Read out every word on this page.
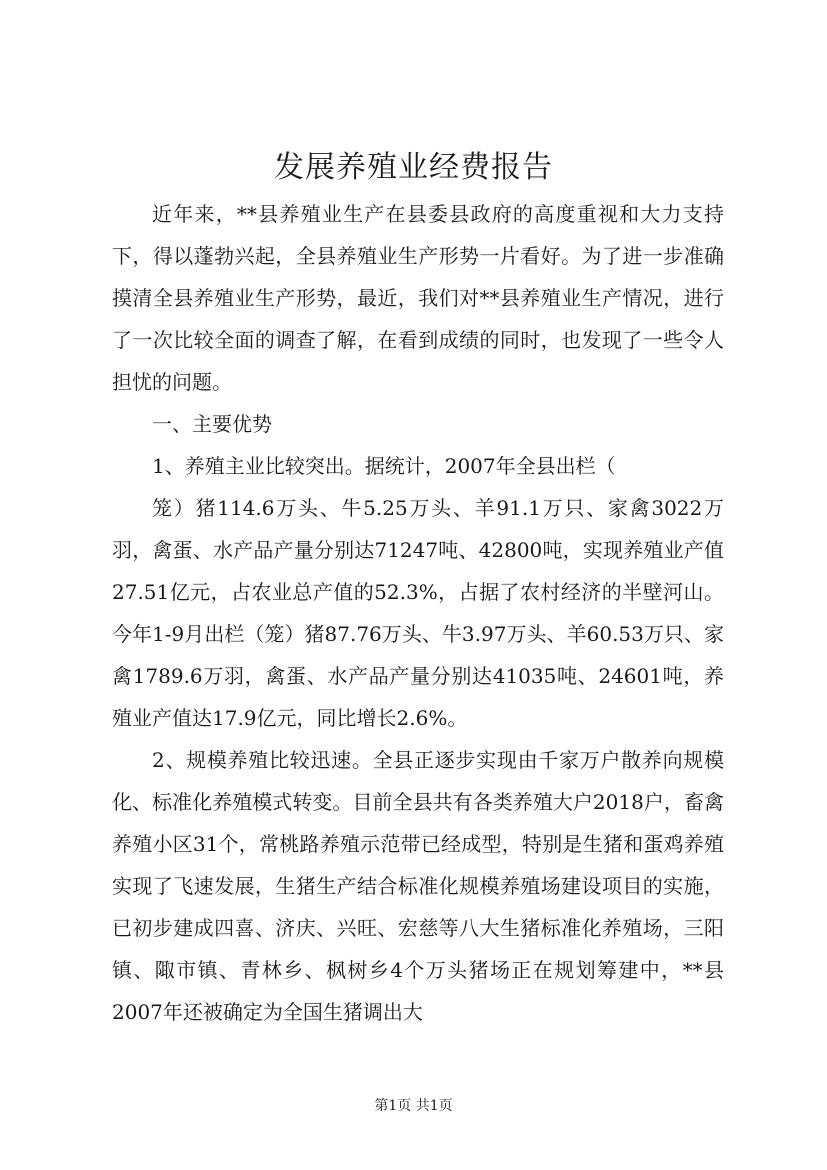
发展养殖业经费报告

近年来，**县养殖业生产在县委县政府的高度重视和大力支持下，得以蓬勃兴起，全县养殖业生产形势一片看好。为了进一步准确摸清全县养殖业生产形势，最近，我们对**县养殖业生产情况，进行了一次比较全面的调查了解，在看到成绩的同时，也发现了一些令人担忧的问题。

一、主要优势

1、养殖主业比较突出。据统计，2007年全县出栏（

笼）猪114.6万头、牛5.25万头、羊91.1万只、家禽3022万羽，禽蛋、水产品产量分别达71247吨、42800吨，实现养殖业产值27.51亿元，占农业总产值的52.3%，占据了农村经济的半壁河山。今年1-9月出栏（笼）猪87.76万头、牛3.97万头、羊60.53万只、家禽1789.6万羽，禽蛋、水产品产量分别达41035吨、24601吨，养殖业产值达17.9亿元，同比增长2.6%。

2、规模养殖比较迅速。全县正逐步实现由千家万户散养向规模化、标准化养殖模式转变。目前全县共有各类养殖大户2018户，畜禽养殖小区31个，常桃路养殖示范带已经成型，特别是生猪和蛋鸡养殖实现了飞速发展，生猪生产结合标准化规模养殖场建设项目的实施，已初步建成四喜、济庆、兴旺、宏慈等八大生猪标准化养殖场，三阳镇、陬市镇、青林乡、枫树乡4个万头猪场正在规划筹建中，**县2007年还被确定为全国生猪调出大

第1页 共1页
